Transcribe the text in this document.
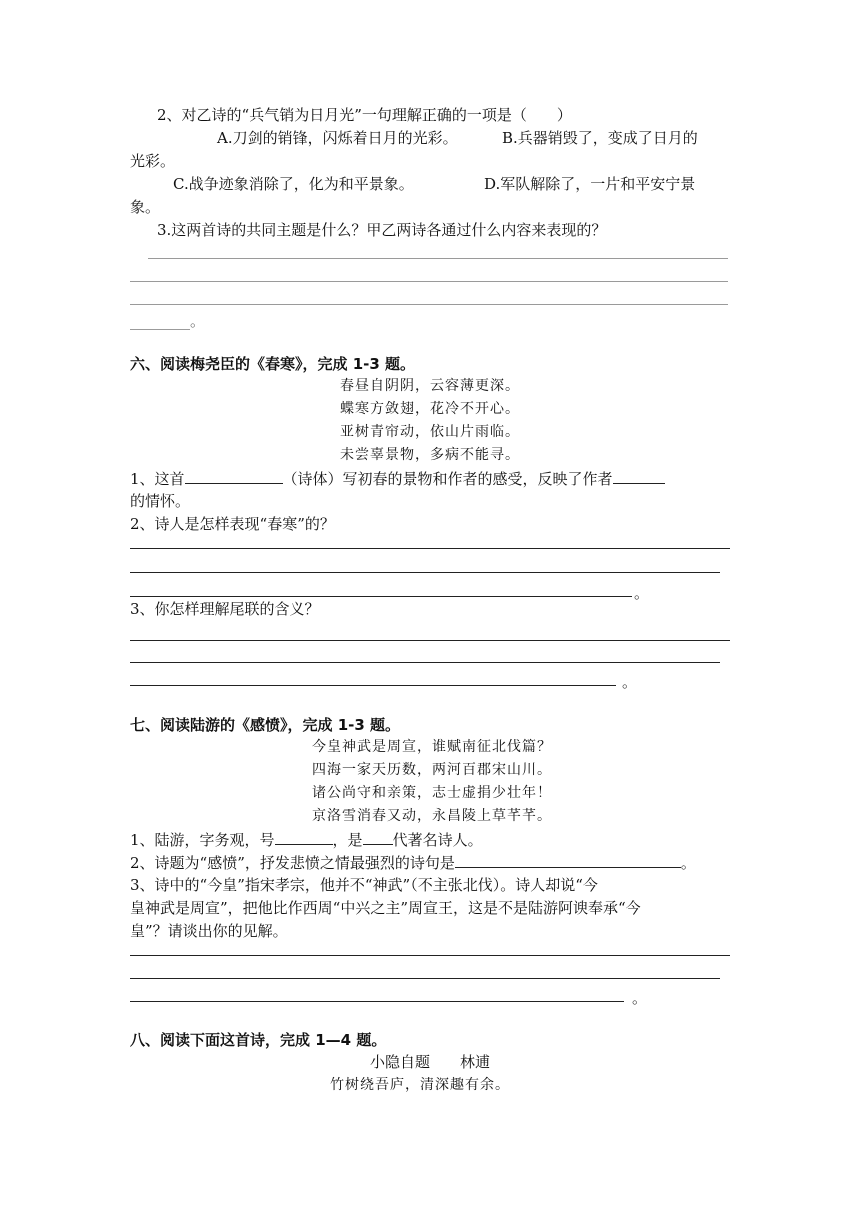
2、对乙诗的“兵气销为日月光”一句理解正确的一项是（　　）
A.刀剑的销锋，闪烁着日月的光彩。	B.兵器销毁了，变成了日月的
光彩。
C.战争迹象消除了，化为和平景象。	D.军队解除了，一片和平安宁景
象。
3.这两首诗的共同主题是什么？甲乙两诗各通过什么内容来表现的？
________。
六、阅读梅尧臣的《春寒》，完成 1-3 题。
春昼自阴阴，云容薄更深。
蝶寒方敛翅，花冷不开心。
亚树青帘动，依山片雨临。
未尝辜景物，多病不能寻。
1、这首	（诗体）写初春的景物和作者的感受，反映了作者
的情怀。
2、诗人是怎样表现“春寒”的？
。
3、你怎样理解尾联的含义？
。
七、阅读陆游的《感愤》，完成 1-3 题。
今皇神武是周宣，谁赋南征北伐篇？
四海一家天历数，两河百郡宋山川。
诸公尚守和亲策，志士虚捐少壮年！
京洛雪消春又动，永昌陵上草芊芊。
1、陆游，字务观，号	，是 代著名诗人。
2、诗题为“感愤”，抒发悲愤之情最强烈的诗句是	。
3、诗中的“今皇”指宋孝宗，他并不“神武”（不主张北伐）。诗人却说“今
皇神武是周宣”，把他比作西周“中兴之主”周宣王，这是不是陆游阿谀奉承“今
皇”？请谈出你的见解。
。
八、阅读下面这首诗，完成 1—4 题。
小隐自题 林逋
竹树绕吾庐，清深趣有余。
